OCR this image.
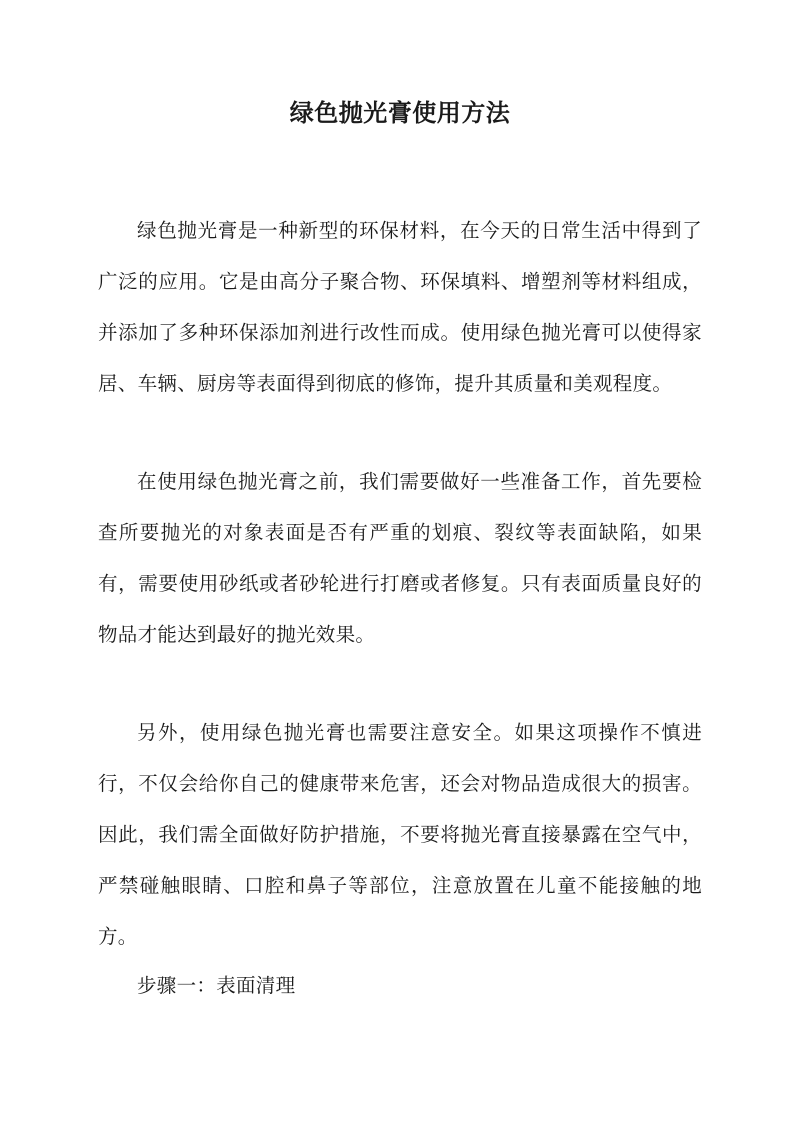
绿色抛光膏使用方法

绿色抛光膏是一种新型的环保材料，在今天的日常生活中得到了广泛的应用。它是由高分子聚合物、环保填料、增塑剂等材料组成，并添加了多种环保添加剂进行改性而成。使用绿色抛光膏可以使得家居、车辆、厨房等表面得到彻底的修饰，提升其质量和美观程度。

在使用绿色抛光膏之前，我们需要做好一些准备工作，首先要检查所要抛光的对象表面是否有严重的划痕、裂纹等表面缺陷，如果有，需要使用砂纸或者砂轮进行打磨或者修复。只有表面质量良好的物品才能达到最好的抛光效果。

另外，使用绿色抛光膏也需要注意安全。如果这项操作不慎进行，不仅会给你自己的健康带来危害，还会对物品造成很大的损害。因此，我们需全面做好防护措施，不要将抛光膏直接暴露在空气中，严禁碰触眼睛、口腔和鼻子等部位，注意放置在儿童不能接触的地方。

步骤一：表面清理
